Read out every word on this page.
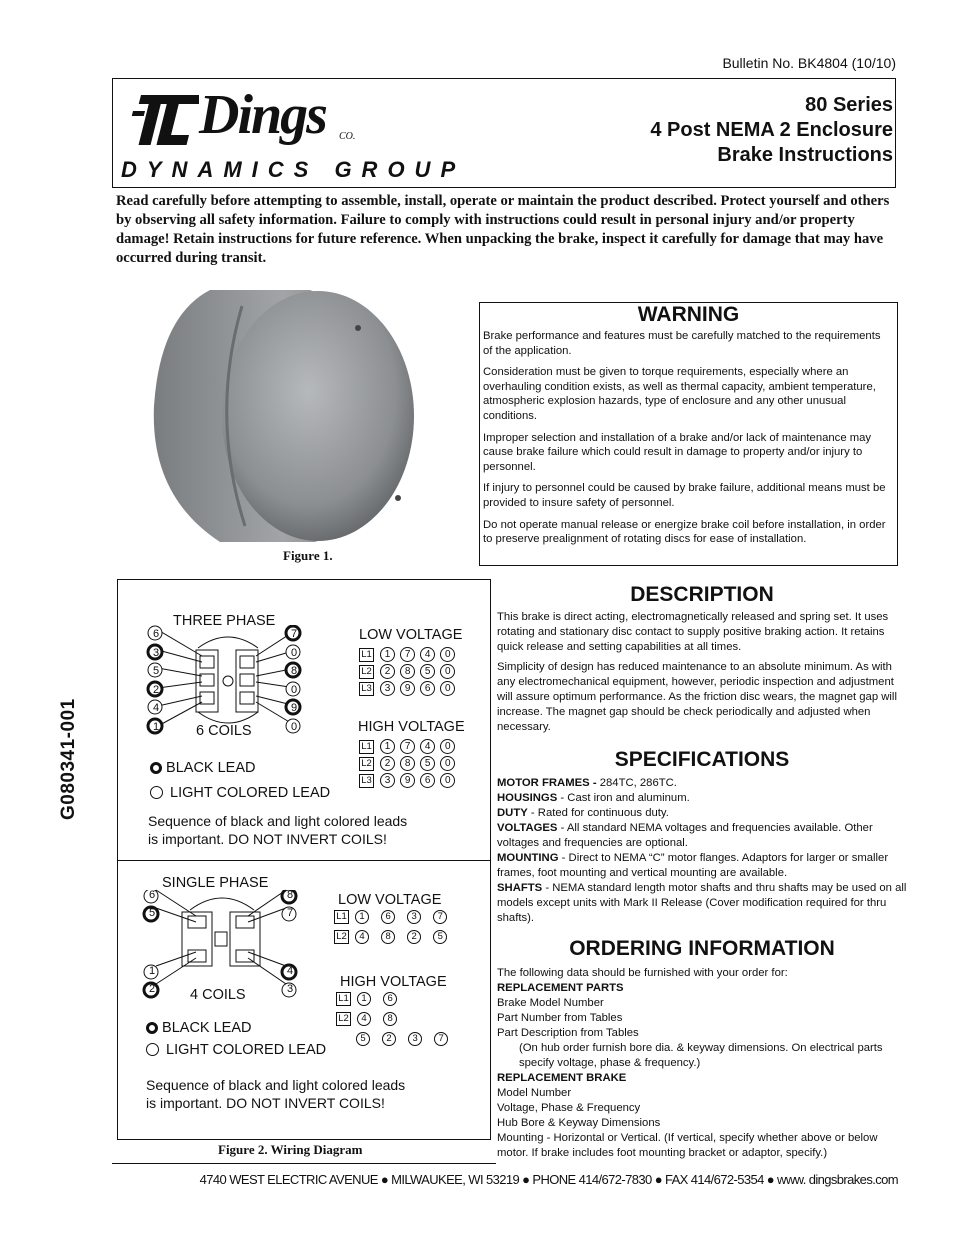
Bulletin No. BK4804 (10/10)
Dings CO.
DYNAMICS GROUP
80 Series
4 Post NEMA 2 Enclosure
Brake Instructions
Read carefully before attempting to assemble, install, operate or maintain the product described. Protect yourself and others by observing all safety information. Failure to comply with instructions could result in personal injury and/or property damage! Retain instructions for future reference. When unpacking the brake, inspect it carefully for damage that may have occurred during transit.
Figure 1.
WARNING

Brake performance and features must be carefully matched to the requirements of the application.

Consideration must be given to torque requirements, especially where an overhauling condition exists, as well as thermal capacity, ambient temperature, atmospheric explosion hazards, type of enclosure and any other unusual conditions.

Improper selection and installation of a brake and/or lack of maintenance may cause brake failure which could result in damage to property and/or injury to personnel.

If injury to personnel could be caused by brake failure, additional means must be provided to insure safety of personnel.

Do not operate manual release or energize brake coil before installation, in order to preserve prealignment of rotating discs for ease of installation.

G080341-001
THREE PHASE
6
3
5
2
4
1
7
0
8
0
9
0
6 COILS
LOW VOLTAGE
L1 1 7 4 0
L2 2 8 5 0
L3 3 9 6 0
HIGH VOLTAGE
L1 1 7 4 0
L2 2 8 5 0
L3 3 9 6 0
BLACK LEAD
LIGHT COLORED LEAD
Sequence of black and light colored leads
is important. DO NOT INVERT COILS!
SINGLE PHASE
6
5
1
2
8
7
4
3
4 COILS
LOW VOLTAGE
L1 1 6 3 7
L2 4 8 2 5
HIGH VOLTAGE
L1 1 6
L2 4 8
5 2 3 7
BLACK LEAD
LIGHT COLORED LEAD
Sequence of black and light colored leads
is important. DO NOT INVERT COILS!
Figure 2. Wiring Diagram
DESCRIPTION

This brake is direct acting, electromagnetically released and spring set. It uses rotating and stationary disc contact to supply positive braking action. It retains quick release and setting capabilities at all times.

Simplicity of design has reduced maintenance to an absolute minimum. As with any electromechanical equipment, however, periodic inspection and adjustment will assure optimum performance. As the friction disc wears, the magnet gap will increase. The magnet gap should be check periodically and adjusted when necessary.

SPECIFICATIONS
MOTOR FRAMES - 284TC, 286TC.
HOUSINGS - Cast iron and aluminum.
DUTY - Rated for continuous duty.
VOLTAGES - All standard NEMA voltages and frequencies available. Other voltages and frequencies are optional.
MOUNTING - Direct to NEMA “C” motor flanges. Adaptors for larger or smaller frames, foot mounting and vertical mounting are available.
SHAFTS - NEMA standard length motor shafts and thru shafts may be used on all models except units with Mark II Release (Cover modification required for thru shafts).
ORDERING INFORMATION
The following data should be furnished with your order for:
REPLACEMENT PARTS
Brake Model Number
Part Number from Tables
Part Description from Tables
(On hub order furnish bore dia. & keyway dimensions. On electrical parts specify voltage, phase & frequency.)
REPLACEMENT BRAKE
Model Number
Voltage, Phase & Frequency
Hub Bore & Keyway Dimensions
Mounting - Horizontal or Vertical. (If vertical, specify whether above or below motor. If brake includes foot mounting bracket or adaptor, specify.)
4740 WEST ELECTRIC AVENUE ● MILWAUKEE, WI 53219 ● PHONE 414/672-7830 ● FAX 414/672-5354 ● www. dingsbrakes.com
